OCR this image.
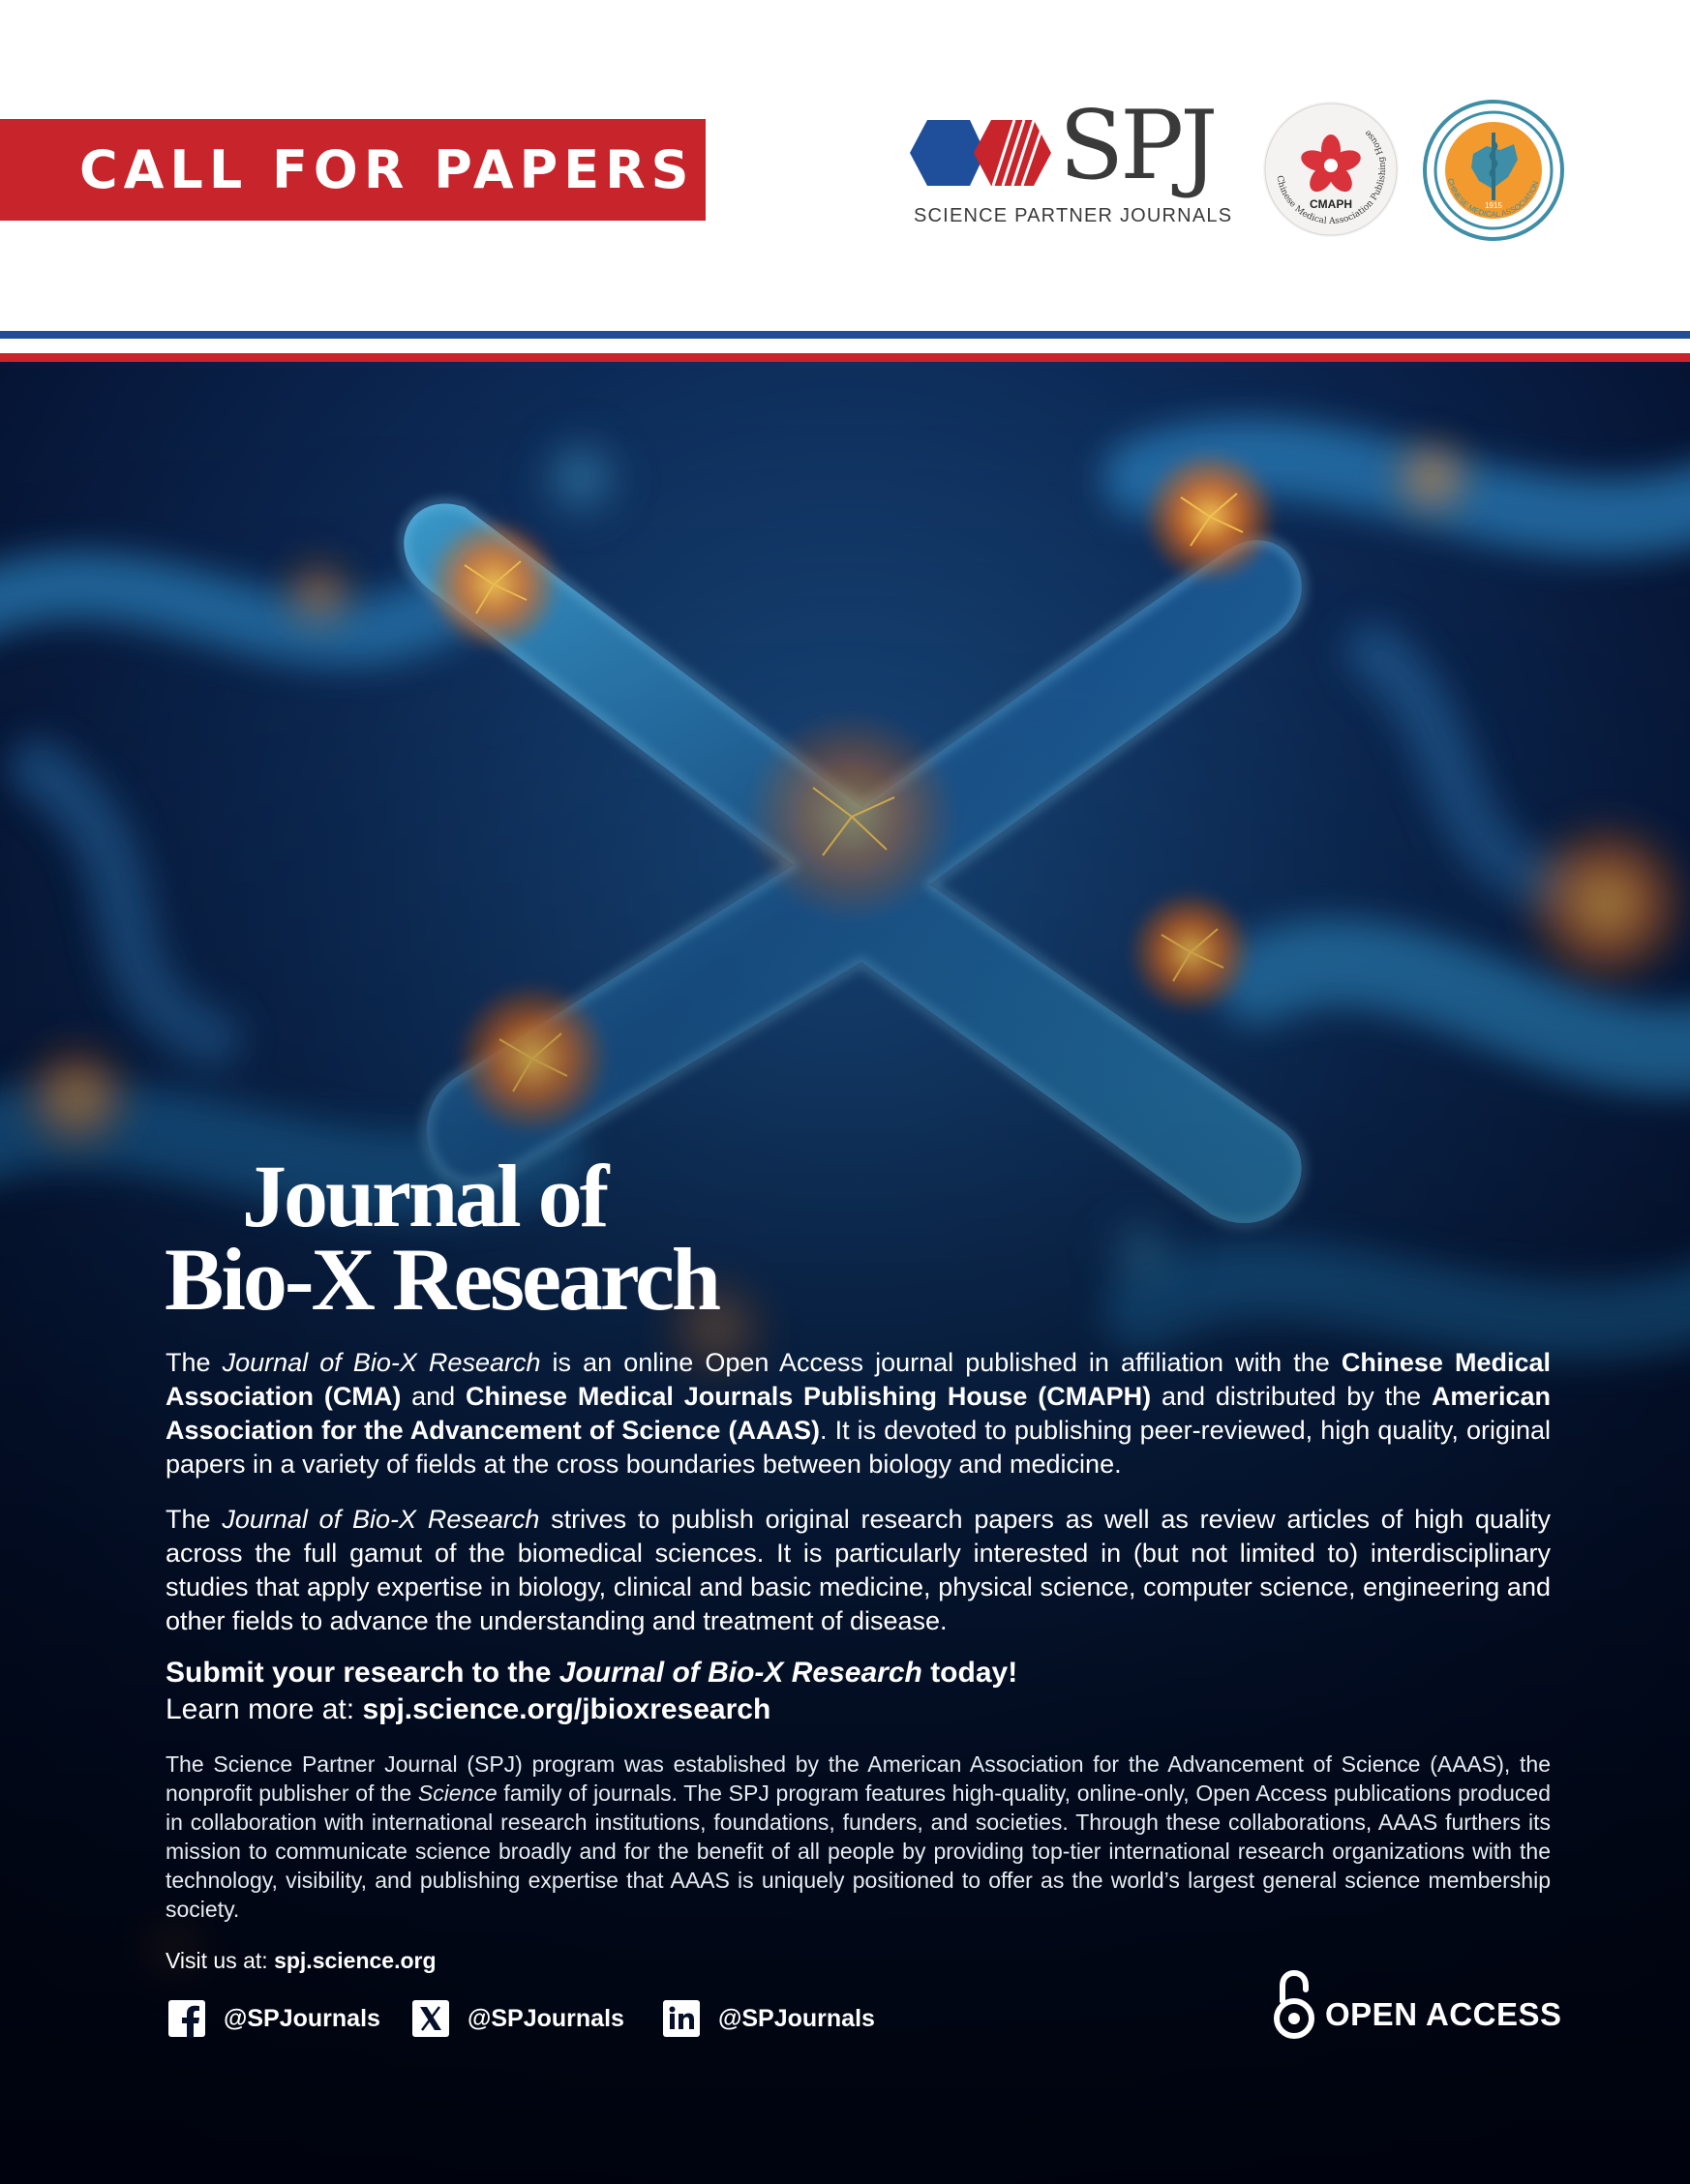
CALL FOR PAPERS	SPJ
SCIENCE PARTNER JOURNALS
Chinese Medical Association Publishing House
CMAPH
CHINESE MEDICAL ASSOCIATION
1915
Journal of
Bio-X Research
The Journal of Bio-X Research is an online Open Access journal published in affiliation with the Chinese Medical Association (CMA) and Chinese Medical Journals Publishing House (CMAPH) and distributed by the American Association for the Advancement of Science (AAAS). It is devoted to publishing peer-reviewed, high quality, original papers in a variety of fields at the cross boundaries between biology and medicine.
The Journal of Bio-X Research strives to publish original research papers as well as review articles of high quality across the full gamut of the biomedical sciences. It is particularly interested in (but not limited to) interdisciplinary studies that apply expertise in biology, clinical and basic medicine, physical science, computer science, engineering and other fields to advance the understanding and treatment of disease.
Submit your research to the Journal of Bio-X Research today!
Learn more at: spj.science.org/jbioxresearch
The Science Partner Journal (SPJ) program was established by the American Association for the Advancement of Science (AAAS), the nonprofit publisher of the Science family of journals. The SPJ program features high-quality, online-only, Open Access publications produced in collaboration with international research institutions, foundations, funders, and societies. Through these collaborations, AAAS furthers its mission to communicate science broadly and for the benefit of all people by providing top-tier international research organizations with the technology, visibility, and publishing expertise that AAAS is uniquely positioned to offer as the world’s largest general science membership society.
Visit us at: spj.science.org
@SPJournals	@SPJournals	@SPJournals	OPEN ACCESS
